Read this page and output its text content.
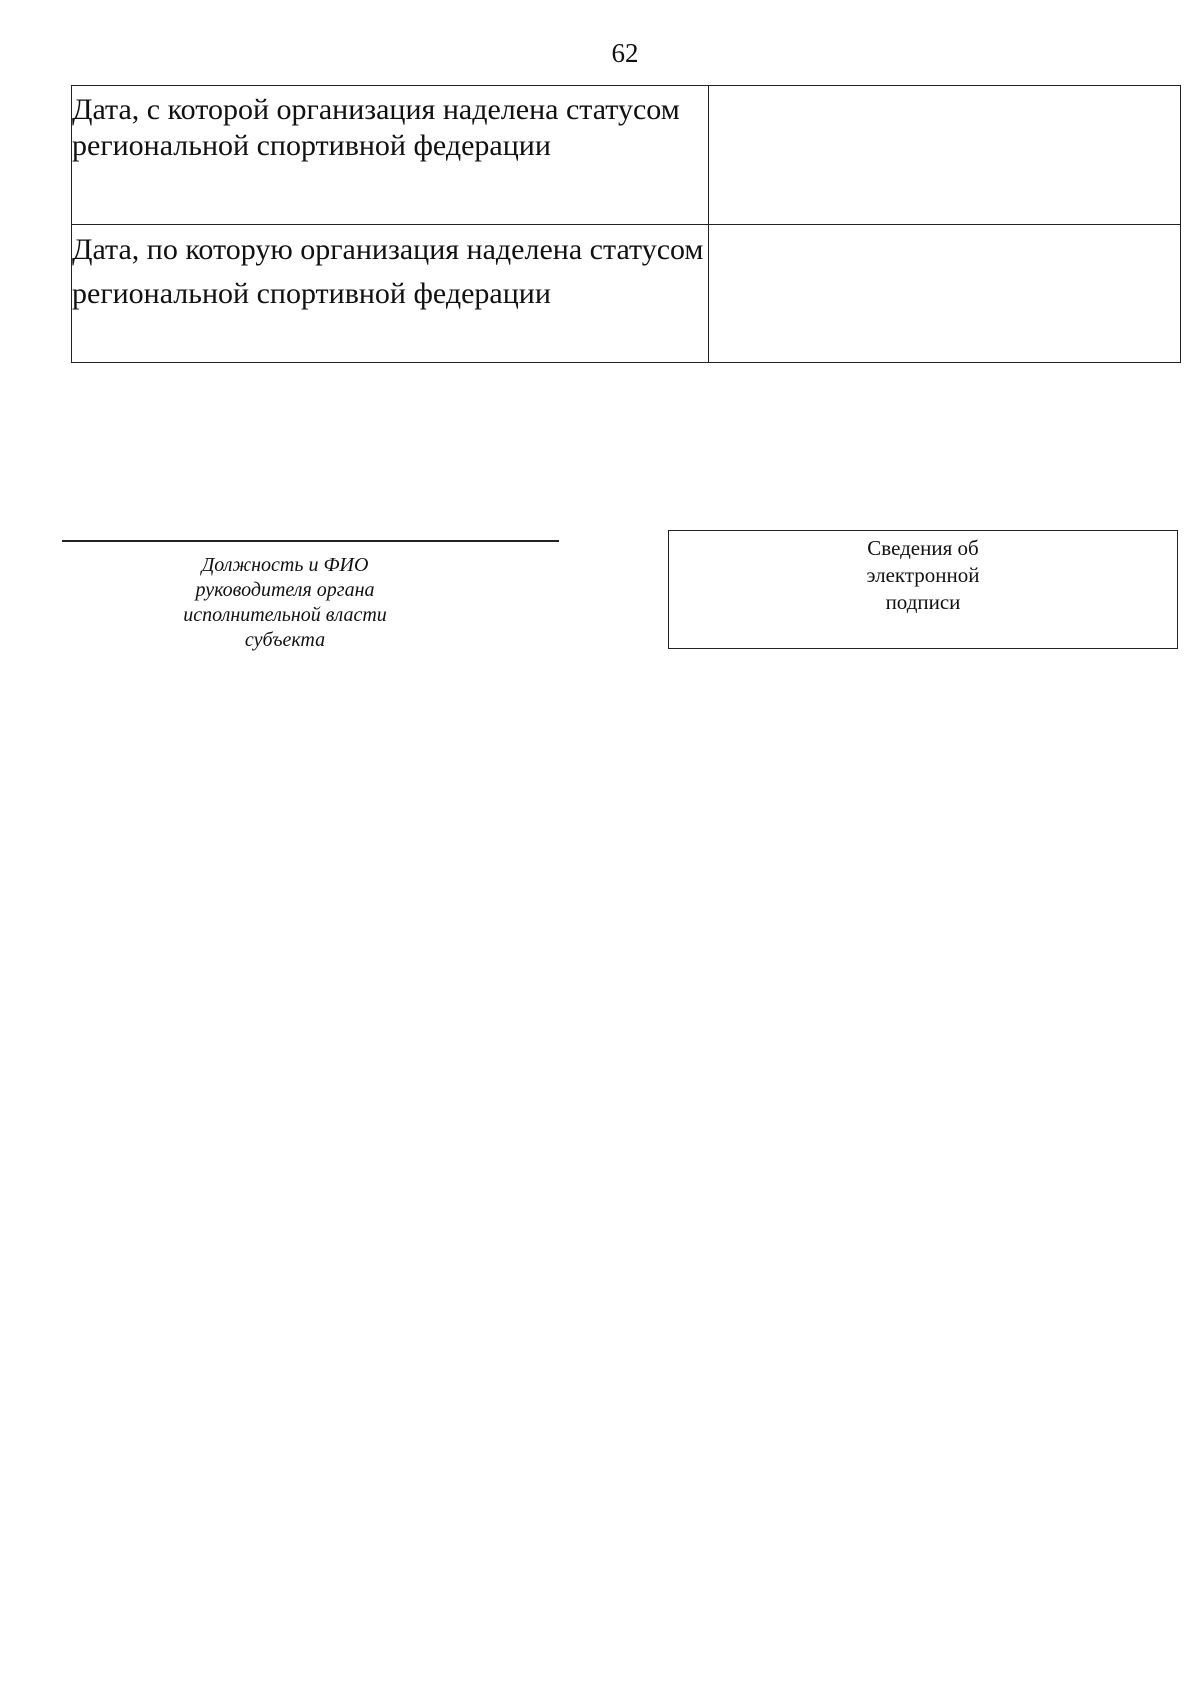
62
Дата, с которой организация наделена статусом региональной спортивной федерации	
Дата, по которую организация наделена статусом региональной спортивной федерации	
Должность и ФИО руководителя органа исполнительной власти субъекта
Сведения об электронной подписи
